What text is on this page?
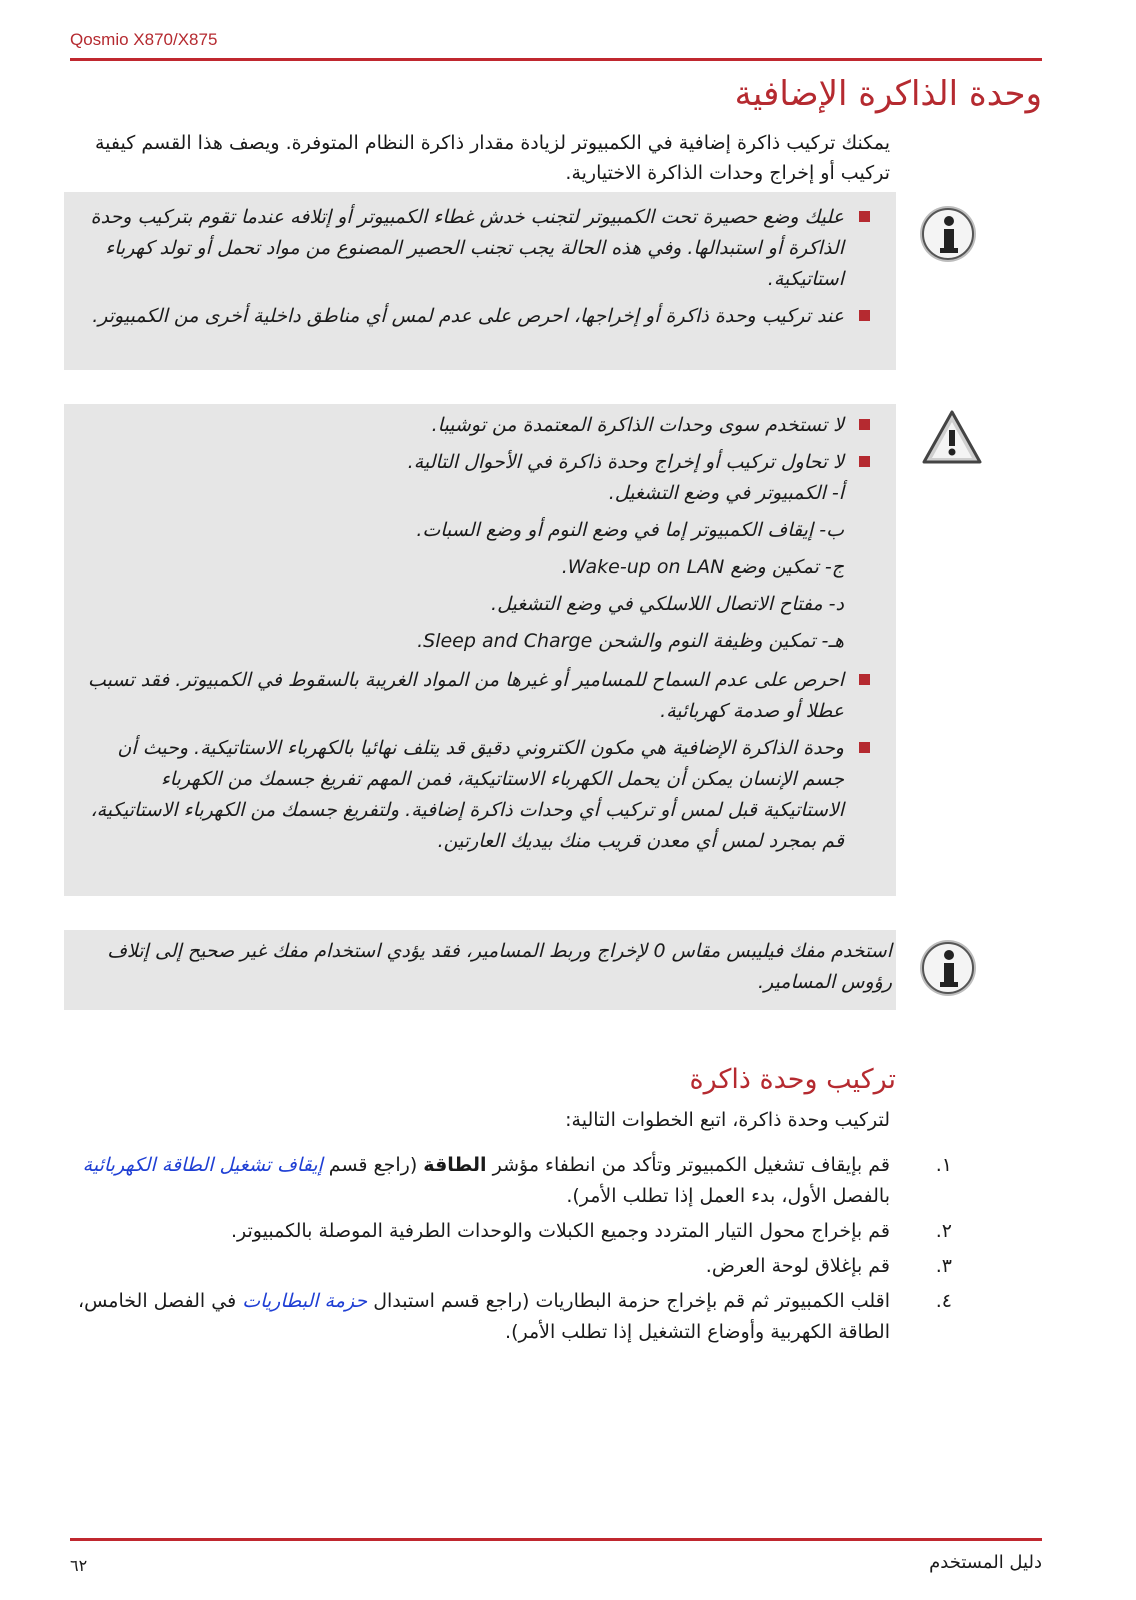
Qosmio X870/X875
وحدة الذاكرة الإضافية
يمكنك تركيب ذاكرة إضافية في الكمبيوتر لزيادة مقدار ذاكرة النظام المتوفرة. ويصف هذا القسم كيفية تركيب أو إخراج وحدات الذاكرة الاختيارية.
عليك وضع حصيرة تحت الكمبيوتر لتجنب خدش غطاء الكمبيوتر أو إتلافه عندما تقوم بتركيب وحدة الذاكرة أو استبدالها. وفي هذه الحالة يجب تجنب الحصير المصنوع من مواد تحمل أو تولد كهرباء استاتيكية.
عند تركيب وحدة ذاكرة أو إخراجها، احرص على عدم لمس أي مناطق داخلية أخرى من الكمبيوتر.
لا تستخدم سوى وحدات الذاكرة المعتمدة من توشيبا.
لا تحاول تركيب أو إخراج وحدة ذاكرة في الأحوال التالية.
أ- الكمبيوتر في وضع التشغيل.
ب- إيقاف الكمبيوتر إما في وضع النوم أو وضع السبات.
ج- تمكين وضع Wake-up on LAN.
د- مفتاح الاتصال اللاسلكي في وضع التشغيل.
هـ- تمكين وظيفة النوم والشحن Sleep and Charge.
احرص على عدم السماح للمسامير أو غيرها من المواد الغريبة بالسقوط في الكمبيوتر. فقد تسبب عطلا أو صدمة كهربائية.
وحدة الذاكرة الإضافية هي مكون الكتروني دقيق قد يتلف نهائيا بالكهرباء الاستاتيكية. وحيث أن جسم الإنسان يمكن أن يحمل الكهرباء الاستاتيكية، فمن المهم تفريغ جسمك من الكهرباء الاستاتيكية قبل لمس أو تركيب أي وحدات ذاكرة إضافية. ولتفريغ جسمك من الكهرباء الاستاتيكية، قم بمجرد لمس أي معدن قريب منك بيديك العارتين.
استخدم مفك فيليبس مقاس 0 لإخراج وربط المسامير، فقد يؤدي استخدام مفك غير صحيح إلى إتلاف رؤوس المسامير.
تركيب وحدة ذاكرة
لتركيب وحدة ذاكرة، اتبع الخطوات التالية:
١.
قم بإيقاف تشغيل الكمبيوتر وتأكد من انطفاء مؤشر الطاقة (راجع قسم إيقاف تشغيل الطاقة الكهربائية بالفصل الأول، بدء العمل إذا تطلب الأمر).
٢.
قم بإخراج محول التيار المتردد وجميع الكبلات والوحدات الطرفية الموصلة بالكمبيوتر.
٣.
قم بإغلاق لوحة العرض.
٤.
اقلب الكمبيوتر ثم قم بإخراج حزمة البطاريات (راجع قسم استبدال حزمة البطاريات في الفصل الخامس، الطاقة الكهربية وأوضاع التشغيل إذا تطلب الأمر).
٦٢	دليل المستخدم
